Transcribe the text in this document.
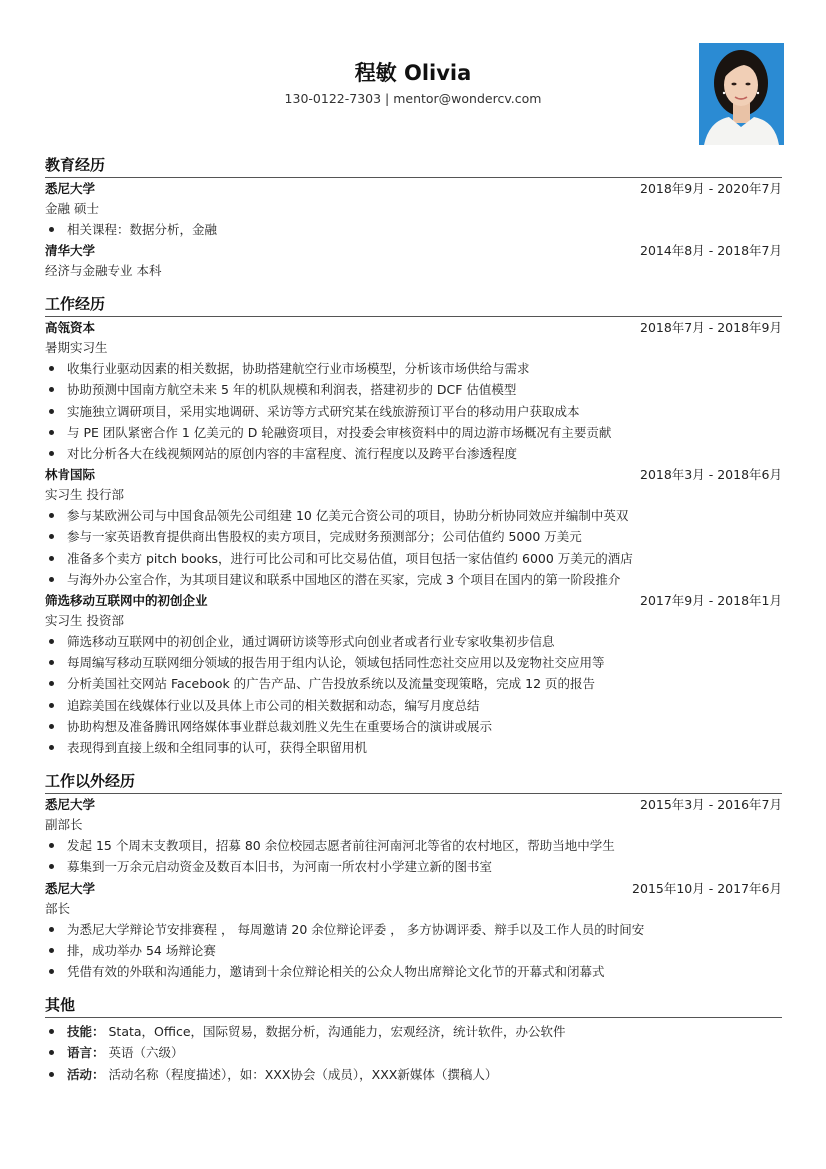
程敏 Olivia
130-0122-7303 | mentor@wondercv.com
教育经历
悉尼大学	2018年9月 - 2020年7月
金融 硕士
相关课程：数据分析，金融
清华大学	2014年8月 - 2018年7月
经济与金融专业 本科
工作经历
高瓴资本	2018年7月 - 2018年9月
暑期实习生
收集行业驱动因素的相关数据，协助搭建航空行业市场模型，分析该市场供给与需求
协助预测中国南方航空未来 5 年的机队规模和利润表，搭建初步的 DCF 估值模型
实施独立调研项目，采用实地调研、采访等方式研究某在线旅游预订平台的移动用户获取成本
与 PE 团队紧密合作 1 亿美元的 D 轮融资项目，对投委会审核资料中的周边游市场概况有主要贡献
对比分析各大在线视频网站的原创内容的丰富程度、流行程度以及跨平台渗透程度
林肯国际	2018年3月 - 2018年6月
实习生 投行部
参与某欧洲公司与中国食品领先公司组建 10 亿美元合资公司的项目，协助分析协同效应并编制中英双
参与一家英语教育提供商出售股权的卖方项目，完成财务预测部分；公司估值约 5000 万美元
准备多个卖方 pitch books，进行可比公司和可比交易估值，项目包括一家估值约 6000 万美元的酒店
与海外办公室合作，为其项目建议和联系中国地区的潜在买家，完成 3 个项目在国内的第一阶段推介
筛选移动互联网中的初创企业	2017年9月 - 2018年1月
实习生 投资部
筛选移动互联网中的初创企业，通过调研访谈等形式向创业者或者行业专家收集初步信息
每周编写移动互联网细分领域的报告用于组内认论，领域包括同性恋社交应用以及宠物社交应用等
分析美国社交网站 Facebook 的广告产品、广告投放系统以及流量变现策略，完成 12 页的报告
追踪美国在线媒体行业以及具体上市公司的相关数据和动态，编写月度总结
协助构想及准备腾讯网络媒体事业群总裁刘胜义先生在重要场合的演讲或展示
表现得到直接上级和全组同事的认可，获得全职留用机
工作以外经历
悉尼大学	2015年3月 - 2016年7月
副部长
发起 15 个周末支教项目，招募 80 余位校园志愿者前往河南河北等省的农村地区，帮助当地中学生
募集到一万余元启动资金及数百本旧书，为河南一所农村小学建立新的图书室
悉尼大学	2015年10月 - 2017年6月
部长
为悉尼大学辩论节安排赛程 ， 每周邀请 20 余位辩论评委 ， 多方协调评委、辩手以及工作人员的时间安
排，成功举办 54 场辩论赛
凭借有效的外联和沟通能力，邀请到十余位辩论相关的公众人物出席辩论文化节的开幕式和闭幕式
其他
技能： Stata，Office，国际贸易，数据分析，沟通能力，宏观经济，统计软件，办公软件
语言： 英语（六级）
活动： 活动名称（程度描述），如：XXX协会（成员），XXX新媒体（撰稿人）
